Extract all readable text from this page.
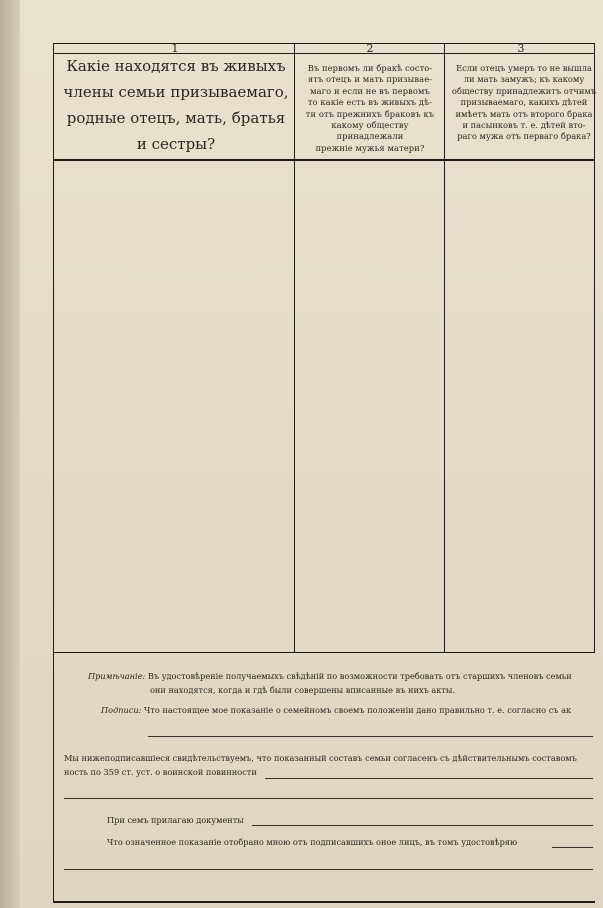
1	2	3
Какіе находятся въ живыхъ
члены семьи призываемаго,
родные отецъ, мать, братья
и сестры?
Въ первомъ ли бракѣ состо-
ятъ отецъ и мать призывае-
маго и если не въ первомъ
то какіе есть въ живыхъ дѣ-
ти отъ прежнихъ браковъ къ
какому обществу принадлежали
прежніе мужья матери?
Если отецъ умеръ то не вышла
ли мать замужъ; къ какому
обществу принадлежитъ отчимъ
призываемаго, какихъ дѣтей
имѣетъ мать отъ второго брака
и пасынковъ т. е. дѣтей вто-
раго мужа отъ перваго брака?
Примѣчаніе: Въ удостовѣреніе получаемыхъ свѣдѣній по возможности требовать отъ старшихъ членовъ семьи
они находятся, когда и гдѣ были совершены вписанные въ нихъ акты.
Подписи: Что настоящее мое показаніе о семейномъ своемъ положеніи дано правильно т. е. согласно съ ак
Мы нижеподписавшіеся свидѣтельствуемъ, что показанный составъ семьи согласенъ съ дѣйствительнымъ составомъ
ность по 359 ст. уст. о воинской повинности
При семъ прилагаю документы
Что означенное показаніе отобрано мною отъ подписавшихъ оное лицъ, въ томъ удостовѣряю
